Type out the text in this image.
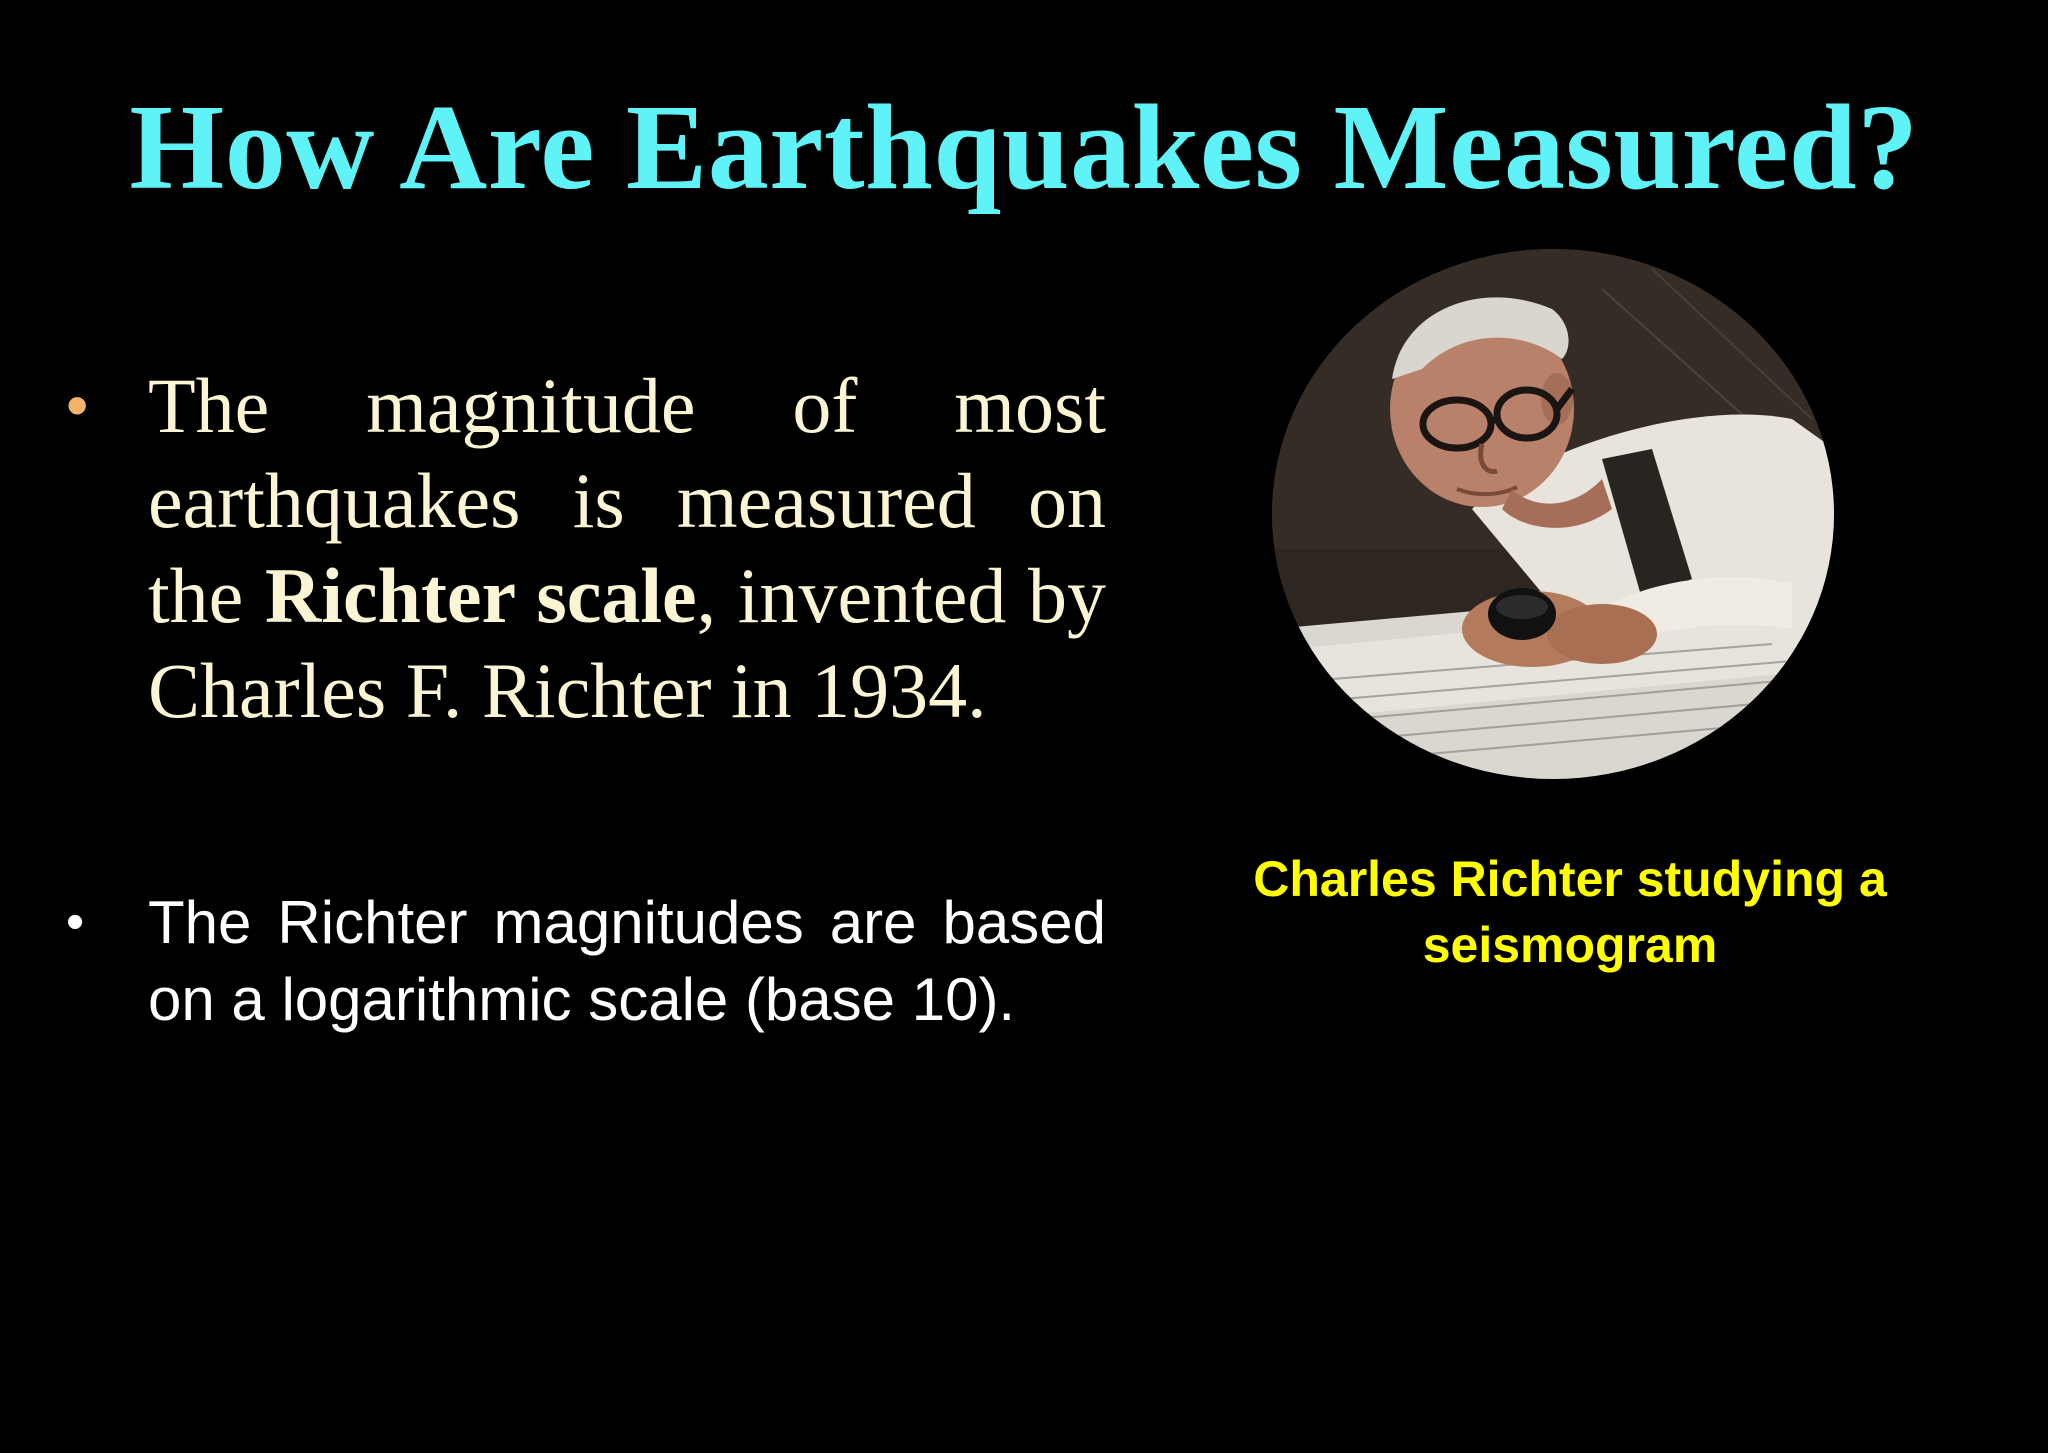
How Are Earthquakes Measured?
• The magnitude of most earthquakes is measured on the Richter scale, invented by Charles F. Richter in 1934.
•	The Richter magnitudes are based on a logarithmic scale (base 10).
Charles Richter studying a seismogram
